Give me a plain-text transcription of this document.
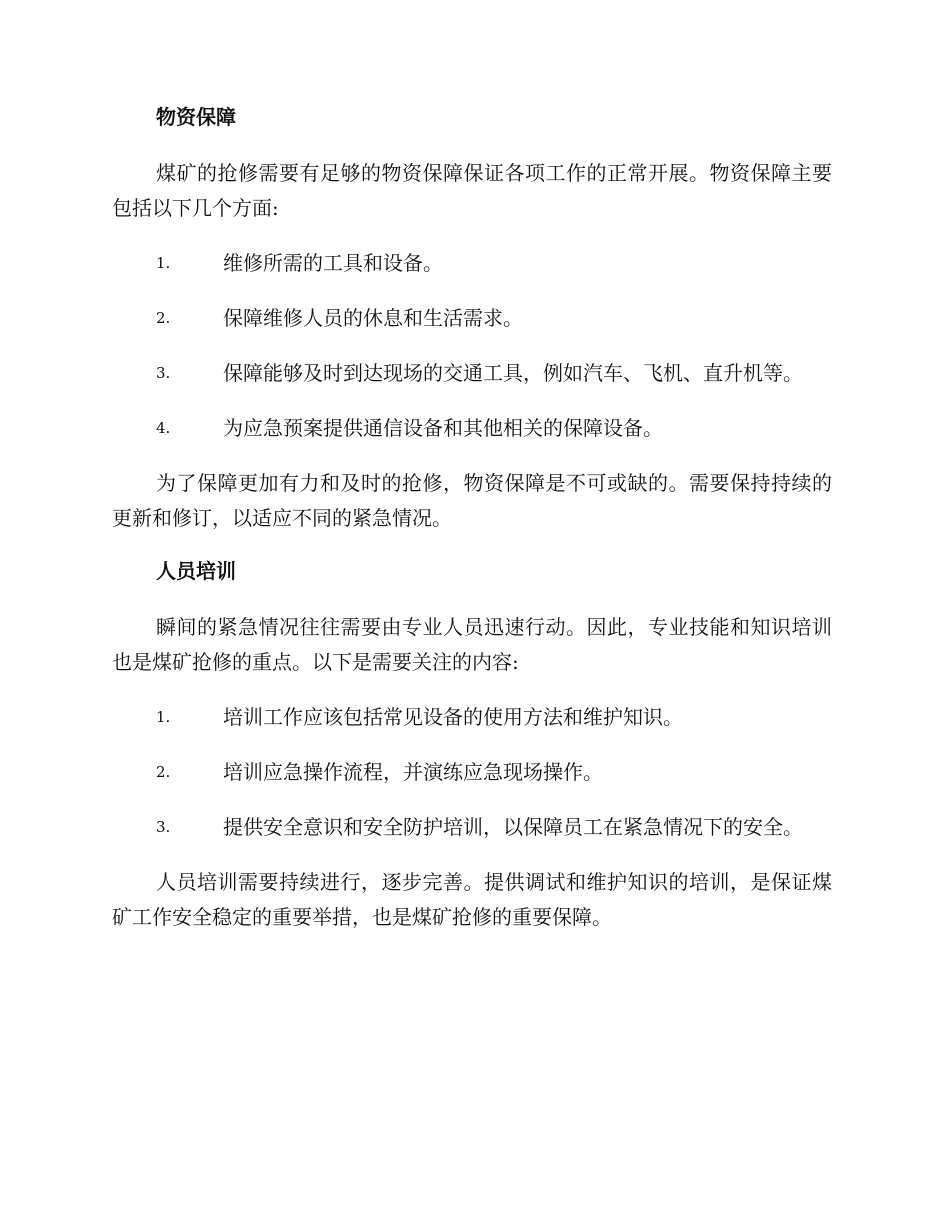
物资保障

煤矿的抢修需要有足够的物资保障保证各项工作的正常开展。物资保障主要包括以下几个方面:

1.	维修所需的工具和设备。
2.	保障维修人员的休息和生活需求。
3.	保障能够及时到达现场的交通工具，例如汽车、飞机、直升机等。
4.	为应急预案提供通信设备和其他相关的保障设备。

为了保障更加有力和及时的抢修，物资保障是不可或缺的。需要保持持续的更新和修订，以适应不同的紧急情况。

人员培训

瞬间的紧急情况往往需要由专业人员迅速行动。因此，专业技能和知识培训也是煤矿抢修的重点。以下是需要关注的内容:

1.	培训工作应该包括常见设备的使用方法和维护知识。
2.	培训应急操作流程，并演练应急现场操作。
3.	提供安全意识和安全防护培训，以保障员工在紧急情况下的安全。

人员培训需要持续进行，逐步完善。提供调试和维护知识的培训，是保证煤矿工作安全稳定的重要举措，也是煤矿抢修的重要保障。
